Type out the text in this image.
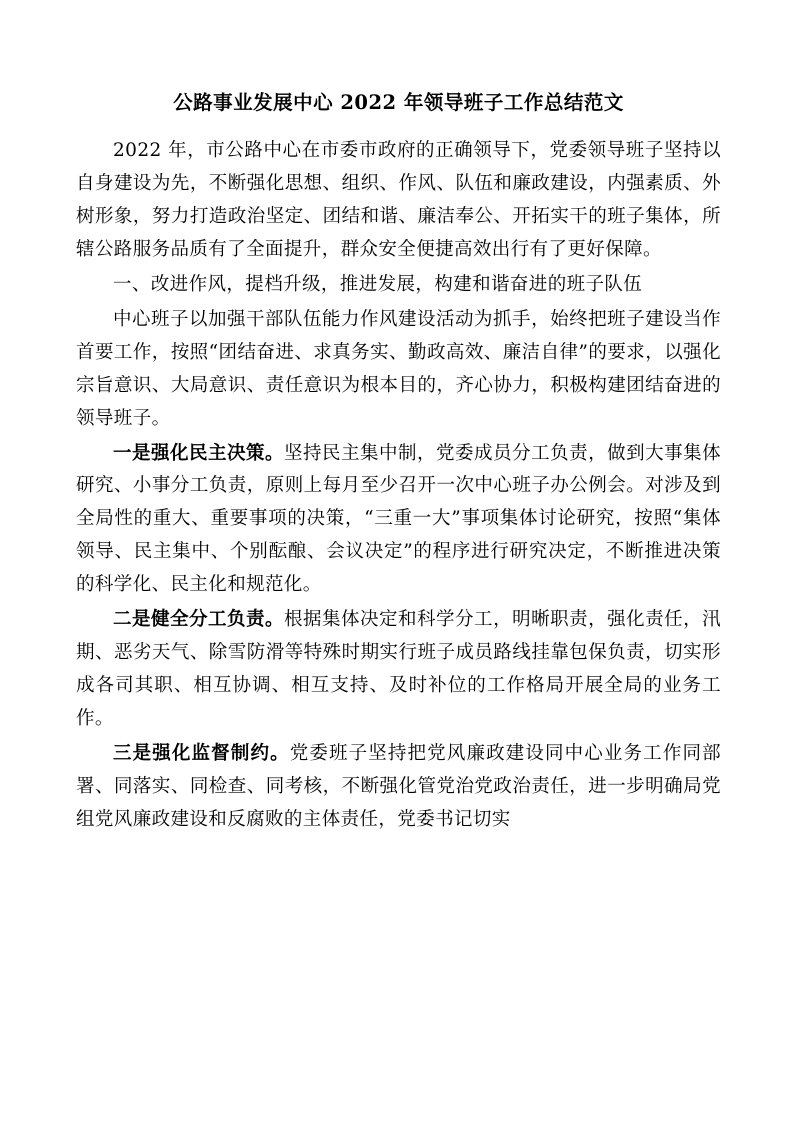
公路事业发展中心 2022 年领导班子工作总结范文

2022 年，市公路中心在市委市政府的正确领导下，党委领导班子坚持以自身建设为先，不断强化思想、组织、作风、队伍和廉政建设，内强素质、外树形象，努力打造政治坚定、团结和谐、廉洁奉公、开拓实干的班子集体，所辖公路服务品质有了全面提升，群众安全便捷高效出行有了更好保障。

一、改进作风，提档升级，推进发展，构建和谐奋进的班子队伍

中心班子以加强干部队伍能力作风建设活动为抓手，始终把班子建设当作首要工作，按照“团结奋进、求真务实、勤政高效、廉洁自律”的要求，以强化宗旨意识、大局意识、责任意识为根本目的，齐心协力，积极构建团结奋进的领导班子。

一是强化民主决策。坚持民主集中制，党委成员分工负责，做到大事集体研究、小事分工负责，原则上每月至少召开一次中心班子办公例会。对涉及到全局性的重大、重要事项的决策，“三重一大”事项集体讨论研究，按照“集体领导、民主集中、个别酝酿、会议决定”的程序进行研究决定，不断推进决策的科学化、民主化和规范化。

二是健全分工负责。根据集体决定和科学分工，明晰职责，强化责任，汛期、恶劣天气、除雪防滑等特殊时期实行班子成员路线挂靠包保负责，切实形成各司其职、相互协调、相互支持、及时补位的工作格局开展全局的业务工作。

三是强化监督制约。党委班子坚持把党风廉政建设同中心业务工作同部署、同落实、同检查、同考核，不断强化管党治党政治责任，进一步明确局党组党风廉政建设和反腐败的主体责任，党委书记切实
